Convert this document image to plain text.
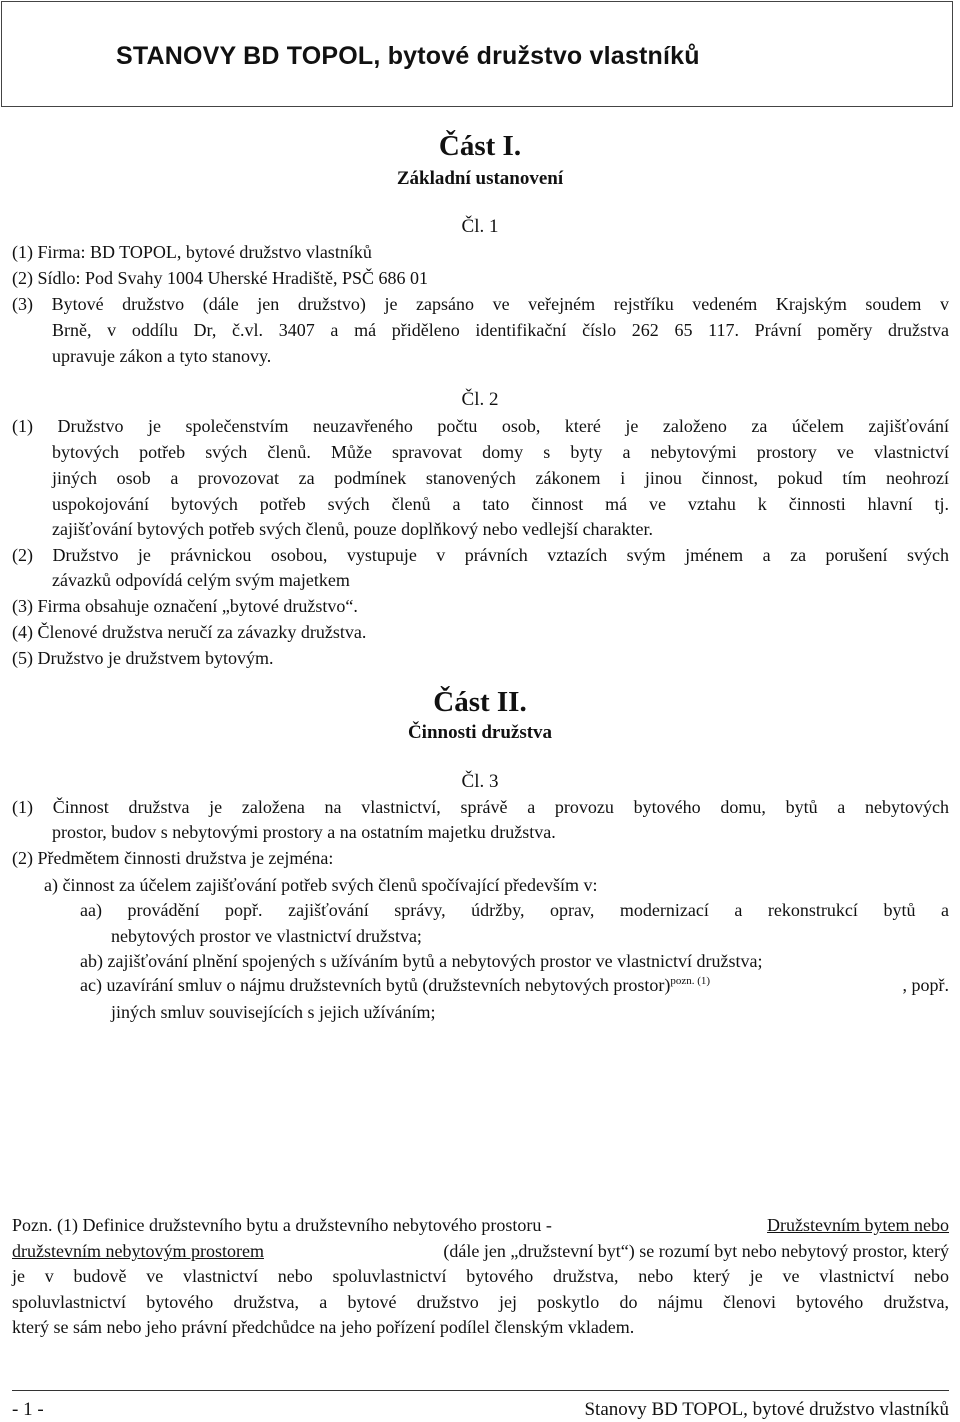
STANOVY BD TOPOL, bytové družstvo vlastníků
Část I.
Základní ustanovení
Čl. 1
(1) Firma: BD TOPOL, bytové družstvo vlastníků
(2) Sídlo: Pod Svahy 1004 Uherské Hradiště, PSČ 686 01
(3) Bytové družstvo (dále jen družstvo) je zapsáno ve veřejném rejstříku vedeném Krajským soudem v
Brně, v oddílu Dr, č.vl. 3407 a má přiděleno identifikační číslo 262 65 117. Právní poměry družstva
upravuje zákon a tyto stanovy.
Čl. 2
(1) Družstvo je společenstvím neuzavřeného počtu osob, které je založeno za účelem zajišťování
bytových potřeb svých členů. Může spravovat domy s byty a nebytovými prostory ve vlastnictví
jiných osob a provozovat za podmínek stanovených zákonem i jinou činnost, pokud tím neohrozí
uspokojování bytových potřeb svých členů a tato činnost má ve vztahu k činnosti hlavní tj.
zajišťování bytových potřeb svých členů, pouze doplňkový nebo vedlejší charakter.
(2) Družstvo je právnickou osobou, vystupuje v právních vztazích svým jménem a za porušení svých
závazků odpovídá celým svým majetkem
(3) Firma obsahuje označení „bytové družstvo“.
(4) Členové družstva neručí za závazky družstva.
(5) Družstvo je družstvem bytovým.
Část II.
Činnosti družstva
Čl. 3
(1) Činnost družstva je založena na vlastnictví, správě a provozu bytového domu, bytů a nebytových
prostor, budov s nebytovými prostory a na ostatním majetku družstva.
(2) Předmětem činnosti družstva je zejména:
a) činnost za účelem zajišťování potřeb svých členů spočívající především v:
aa) provádění popř. zajišťování správy, údržby, oprav, modernizací a rekonstrukcí bytů a
nebytových prostor ve vlastnictví družstva;
ab) zajišťování plnění spojených s užíváním bytů a nebytových prostor ve vlastnictví družstva;
ac) uzavírání smluv o nájmu družstevních bytů (družstevních nebytových prostor)$^{pozn. (1)}$	, popř.
jiných smluv souvisejících s jejich užíváním;
Pozn. (1) Definice družstevního bytu a družstevního nebytového prostoru -	Družstevním bytem nebo
družstevním nebytovým prostorem	(dále jen „družstevní byt“) se rozumí byt nebo nebytový prostor, který
je v budově ve vlastnictví nebo spoluvlastnictví bytového družstva, nebo který je ve vlastnictví nebo
spoluvlastnictví bytového družstva, a bytové družstvo jej poskytlo do nájmu členovi bytového družstva,
který se sám nebo jeho právní předchůdce na jeho pořízení podílel členským vkladem.
- 1 -	Stanovy BD TOPOL, bytové družstvo vlastníků
